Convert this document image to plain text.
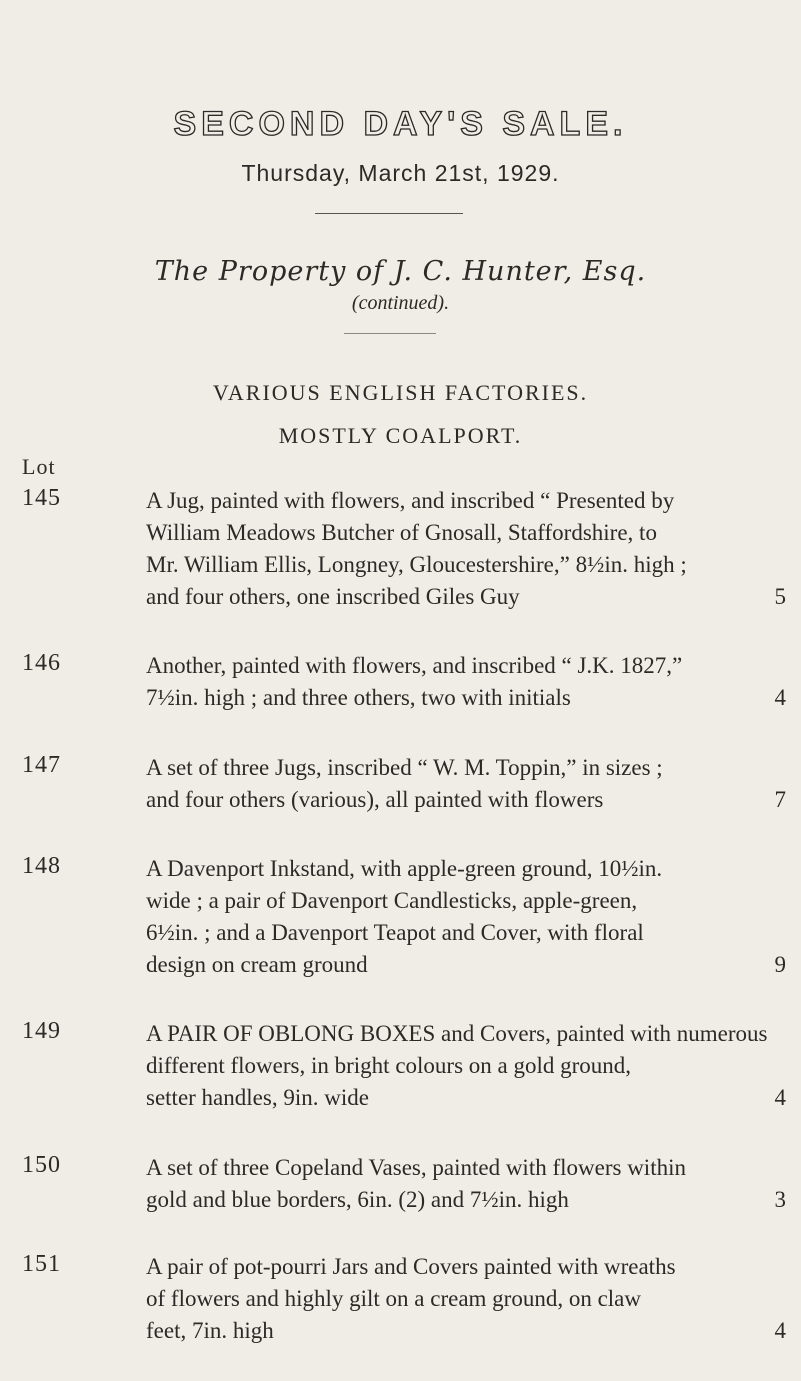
SECOND DAY'S SALE.
Thursday, March 21st, 1929.
The Property of J. C. Hunter, Esq.
(continued).
VARIOUS ENGLISH FACTORIES.
MOSTLY COALPORT.
Lot
145	A Jug, painted with flowers, and inscribed “ Presented by
William Meadows Butcher of Gnosall, Staffordshire, to
Mr. William Ellis, Longney, Gloucestershire,” 8½in. high ;
and four others, one inscribed Giles Guy	5
146	Another, painted with flowers, and inscribed “ J.K. 1827,”
7½in. high ; and three others, two with initials	4
147	A set of three Jugs, inscribed “ W. M. Toppin,” in sizes ;
and four others (various), all painted with flowers	7
148	A Davenport Inkstand, with apple-green ground, 10½in.
wide ; a pair of Davenport Candlesticks, apple-green,
6½in. ; and a Davenport Teapot and Cover, with floral
design on cream ground	9
149	A PAIR OF OBLONG BOXES and Covers, painted with numerous
different flowers, in bright colours on a gold ground,
setter handles, 9in. wide	4
150	A set of three Copeland Vases, painted with flowers within
gold and blue borders, 6in. (2) and 7½in. high	3
151	A pair of pot-pourri Jars and Covers painted with wreaths
of flowers and highly gilt on a cream ground, on claw
feet, 7in. high	4
